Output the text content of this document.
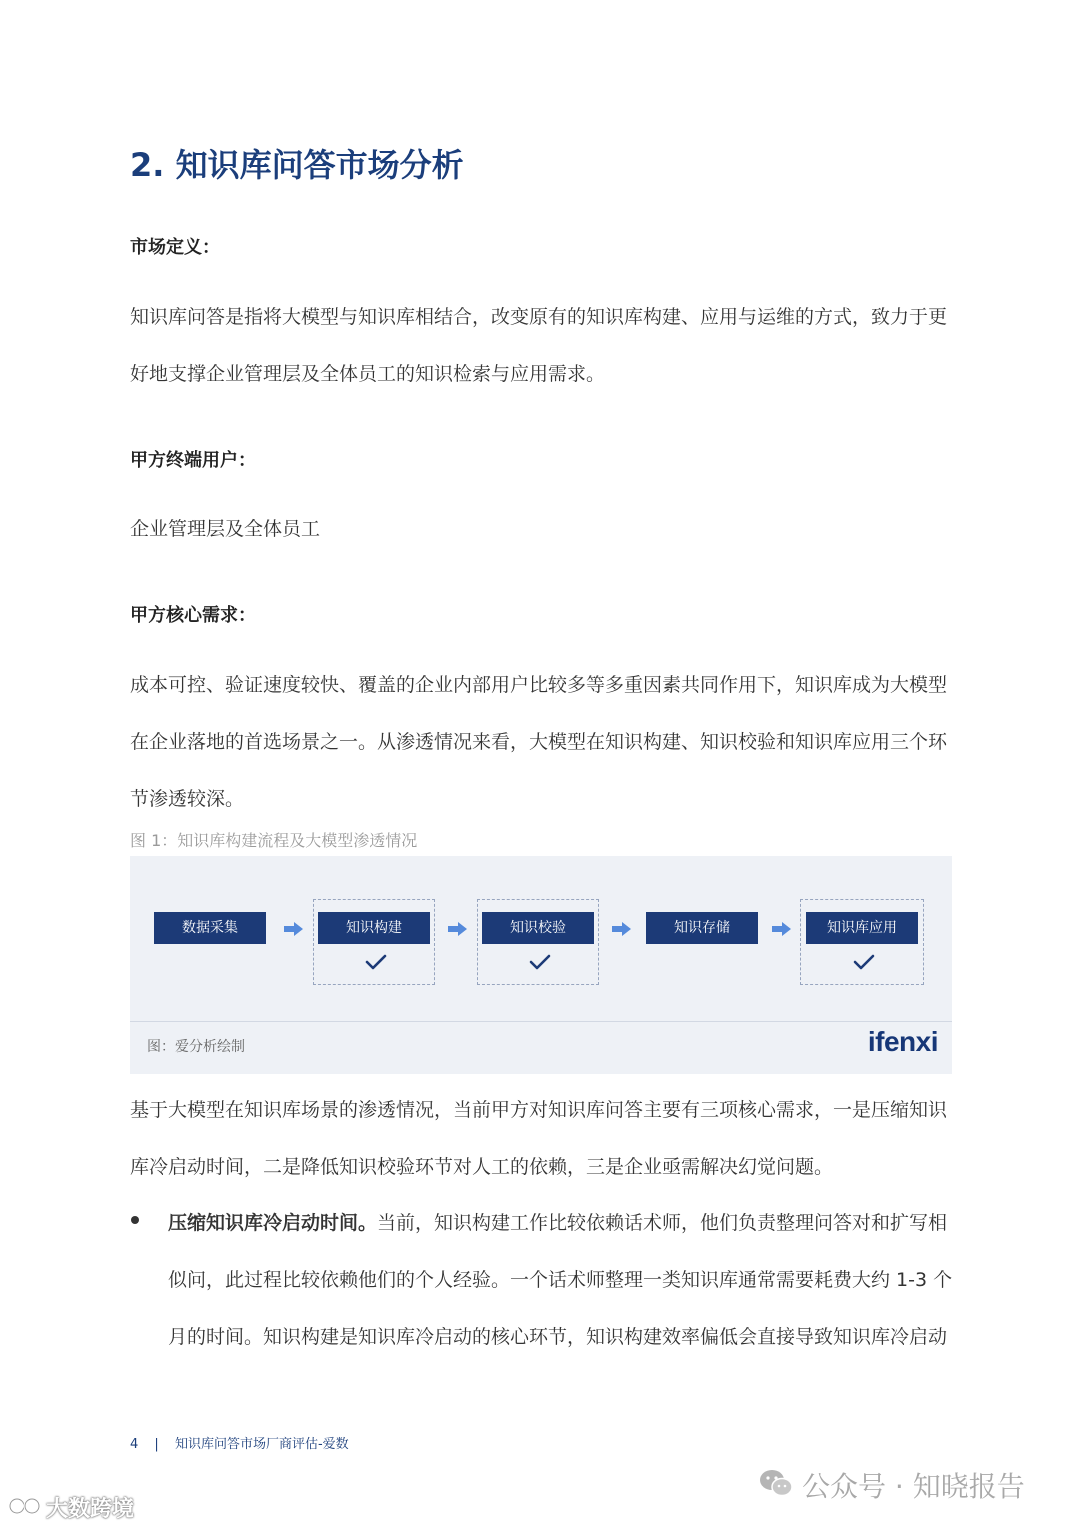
2. 知识库问答市场分析
市场定义：
知识库问答是指将大模型与知识库相结合，改变原有的知识库构建、应用与运维的方式，致力于更
好地支撑企业管理层及全体员工的知识检索与应用需求。
甲方终端用户：
企业管理层及全体员工
甲方核心需求：
成本可控、验证速度较快、覆盖的企业内部用户比较多等多重因素共同作用下，知识库成为大模型
在企业落地的首选场景之一。从渗透情况来看，大模型在知识构建、知识校验和知识库应用三个环
节渗透较深。
图 1：知识库构建流程及大模型渗透情况
数据采集	知识构建	知识校验	知识存储	知识库应用
图：爱分析绘制	ifenxi
基于大模型在知识库场景的渗透情况，当前甲方对知识库问答主要有三项核心需求，一是压缩知识
库冷启动时间，二是降低知识校验环节对人工的依赖，三是企业亟需解决幻觉问题。
压缩知识库冷启动时间。当前，知识构建工作比较依赖话术师，他们负责整理问答对和扩写相
似问，此过程比较依赖他们的个人经验。一个话术师整理一类知识库通常需要耗费大约 1-3 个
月的时间。知识构建是知识库冷启动的核心环节，知识构建效率偏低会直接导致知识库冷启动
4 | 知识库问答市场厂商评估-爱数
公众号 · 知晓报告
大数跨境
